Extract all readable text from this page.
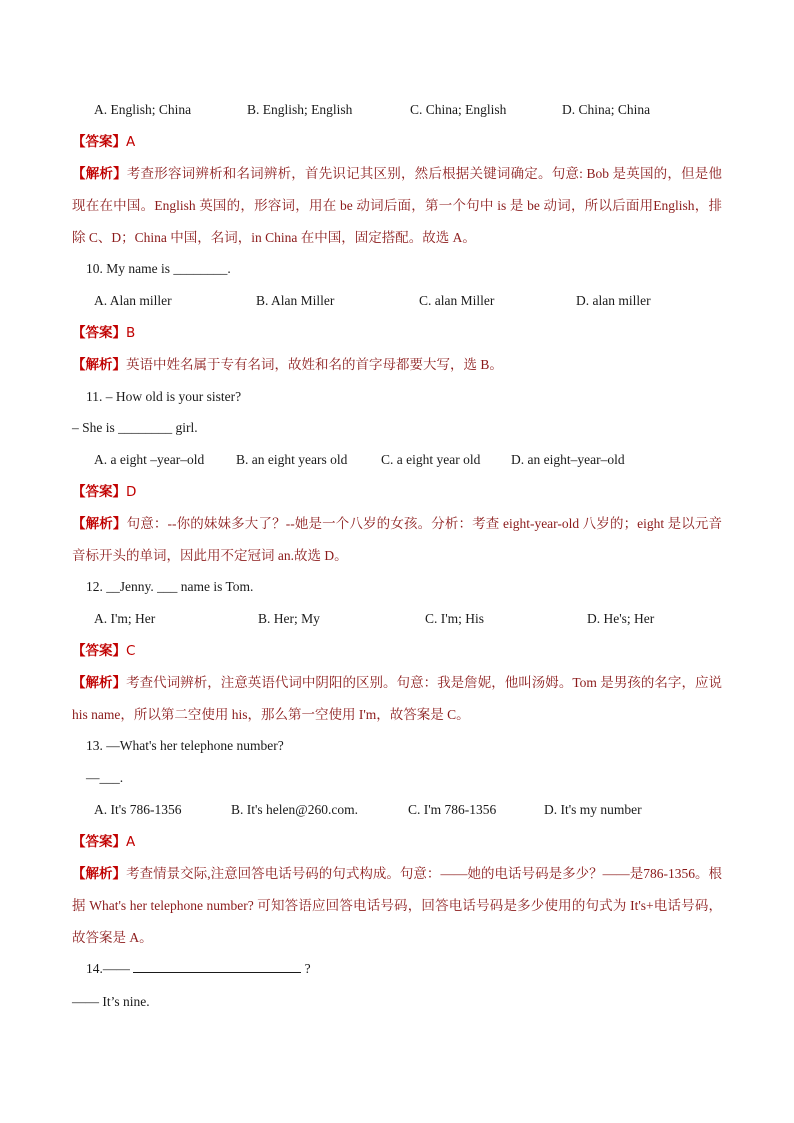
A. English; China	B. English; English	C. China; English	D. China; China
【答案】A
【解析】考查形容词辨析和名词辨析，首先识记其区别，然后根据关键词确定。句意: Bob 是英国的，但是他现在在中国。English 英国的，形容词，用在 be 动词后面，第一个句中 is 是 be 动词，所以后面用English，排除 C、D；China 中国，名词，in China 在中国，固定搭配。故选 A。
10. My name is ________.
A. Alan miller	B. Alan Miller	C. alan Miller	D. alan miller
【答案】B
【解析】英语中姓名属于专有名词，故姓和名的首字母都要大写，选 B。
11. – How old is your sister?
– She is ________ girl.
A. a eight –year–old B. an eight years old C. a eight year old D. an eight–year–old
【答案】D
【解析】句意：--你的妹妹多大了？--她是一个八岁的女孩。分析：考查 eight-year-old 八岁的；eight 是以元音音标开头的单词，因此用不定冠词 an.故选 D。
12. __Jenny. ___ name is Tom.
A. I'm; Her	B. Her; My	C. I'm; His	D. He's; Her
【答案】C
【解析】考查代词辨析，注意英语代词中阴阳的区别。句意：我是詹妮，他叫汤姆。Tom 是男孩的名字，应说 his name，所以第二空使用 his，那么第一空使用 I'm，故答案是 C。
13. —What's her telephone number?
—___.
A. It's 786-1356	B. It's helen@260.com.	C. I'm 786-1356	D. It's my number
【答案】A
【解析】考查情景交际,注意回答电话号码的句式构成。句意：——她的电话号码是多少？——是786-1356。根据 What's her telephone number? 可知答语应回答电话号码，回答电话号码是多少使用的句式为 It's+电话号码，故答案是 A。
14.——	?
—— It’s nine.
